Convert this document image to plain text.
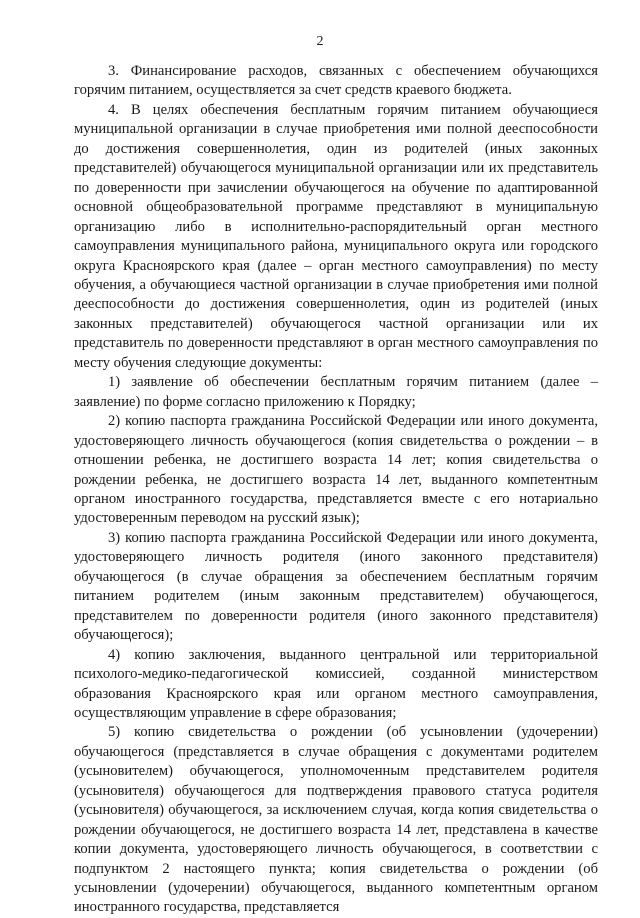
2

3. Финансирование расходов, связанных с обеспечением обучающихся горячим питанием, осуществляется за счет средств краевого бюджета.

4. В целях обеспечения бесплатным горячим питанием обучающиеся муниципальной организации в случае приобретения ими полной дееспособности до достижения совершеннолетия, один из родителей (иных законных представителей) обучающегося муниципальной организации или их представитель по доверенности при зачислении обучающегося на обучение по адаптированной основной общеобразовательной программе представляют в муниципальную организацию либо в исполнительно-распорядительный орган местного самоуправления муниципального района, муниципального округа или городского округа Красноярского края (далее – орган местного самоуправления) по месту обучения, а обучающиеся частной организации в случае приобретения ими полной дееспособности до достижения совершеннолетия, один из родителей (иных законных представителей) обучающегося частной организации или их представитель по доверенности представляют в орган местного самоуправления по месту обучения следующие документы:

1) заявление об обеспечении бесплатным горячим питанием (далее – заявление) по форме согласно приложению к Порядку;

2) копию паспорта гражданина Российской Федерации или иного документа, удостоверяющего личность обучающегося (копия свидетельства о рождении – в отношении ребенка, не достигшего возраста 14 лет; копия свидетельства о рождении ребенка, не достигшего возраста 14 лет, выданного компетентным органом иностранного государства, представляется вместе с его нотариально удостоверенным переводом на русский язык);

3) копию паспорта гражданина Российской Федерации или иного документа, удостоверяющего личность родителя (иного законного представителя) обучающегося (в случае обращения за обеспечением бесплатным горячим питанием родителем (иным законным представителем) обучающегося, представителем по доверенности родителя (иного законного представителя) обучающегося);

4) копию заключения, выданного центральной или территориальной психолого-медико-педагогической комиссией, созданной министерством образования Красноярского края или органом местного самоуправления, осуществляющим управление в сфере образования;

5) копию свидетельства о рождении (об усыновлении (удочерении) обучающегося (представляется в случае обращения с документами родителем (усыновителем) обучающегося, уполномоченным представителем родителя (усыновителя) обучающегося для подтверждения правового статуса родителя (усыновителя) обучающегося, за исключением случая, когда копия свидетельства о рождении обучающегося, не достигшего возраста 14 лет, представлена в качестве копии документа, удостоверяющего личность обучающегося, в соответствии с подпунктом 2 настоящего пункта; копия свидетельства о рождении (об усыновлении (удочерении) обучающегося, выданного компетентным органом иностранного государства, представляется
